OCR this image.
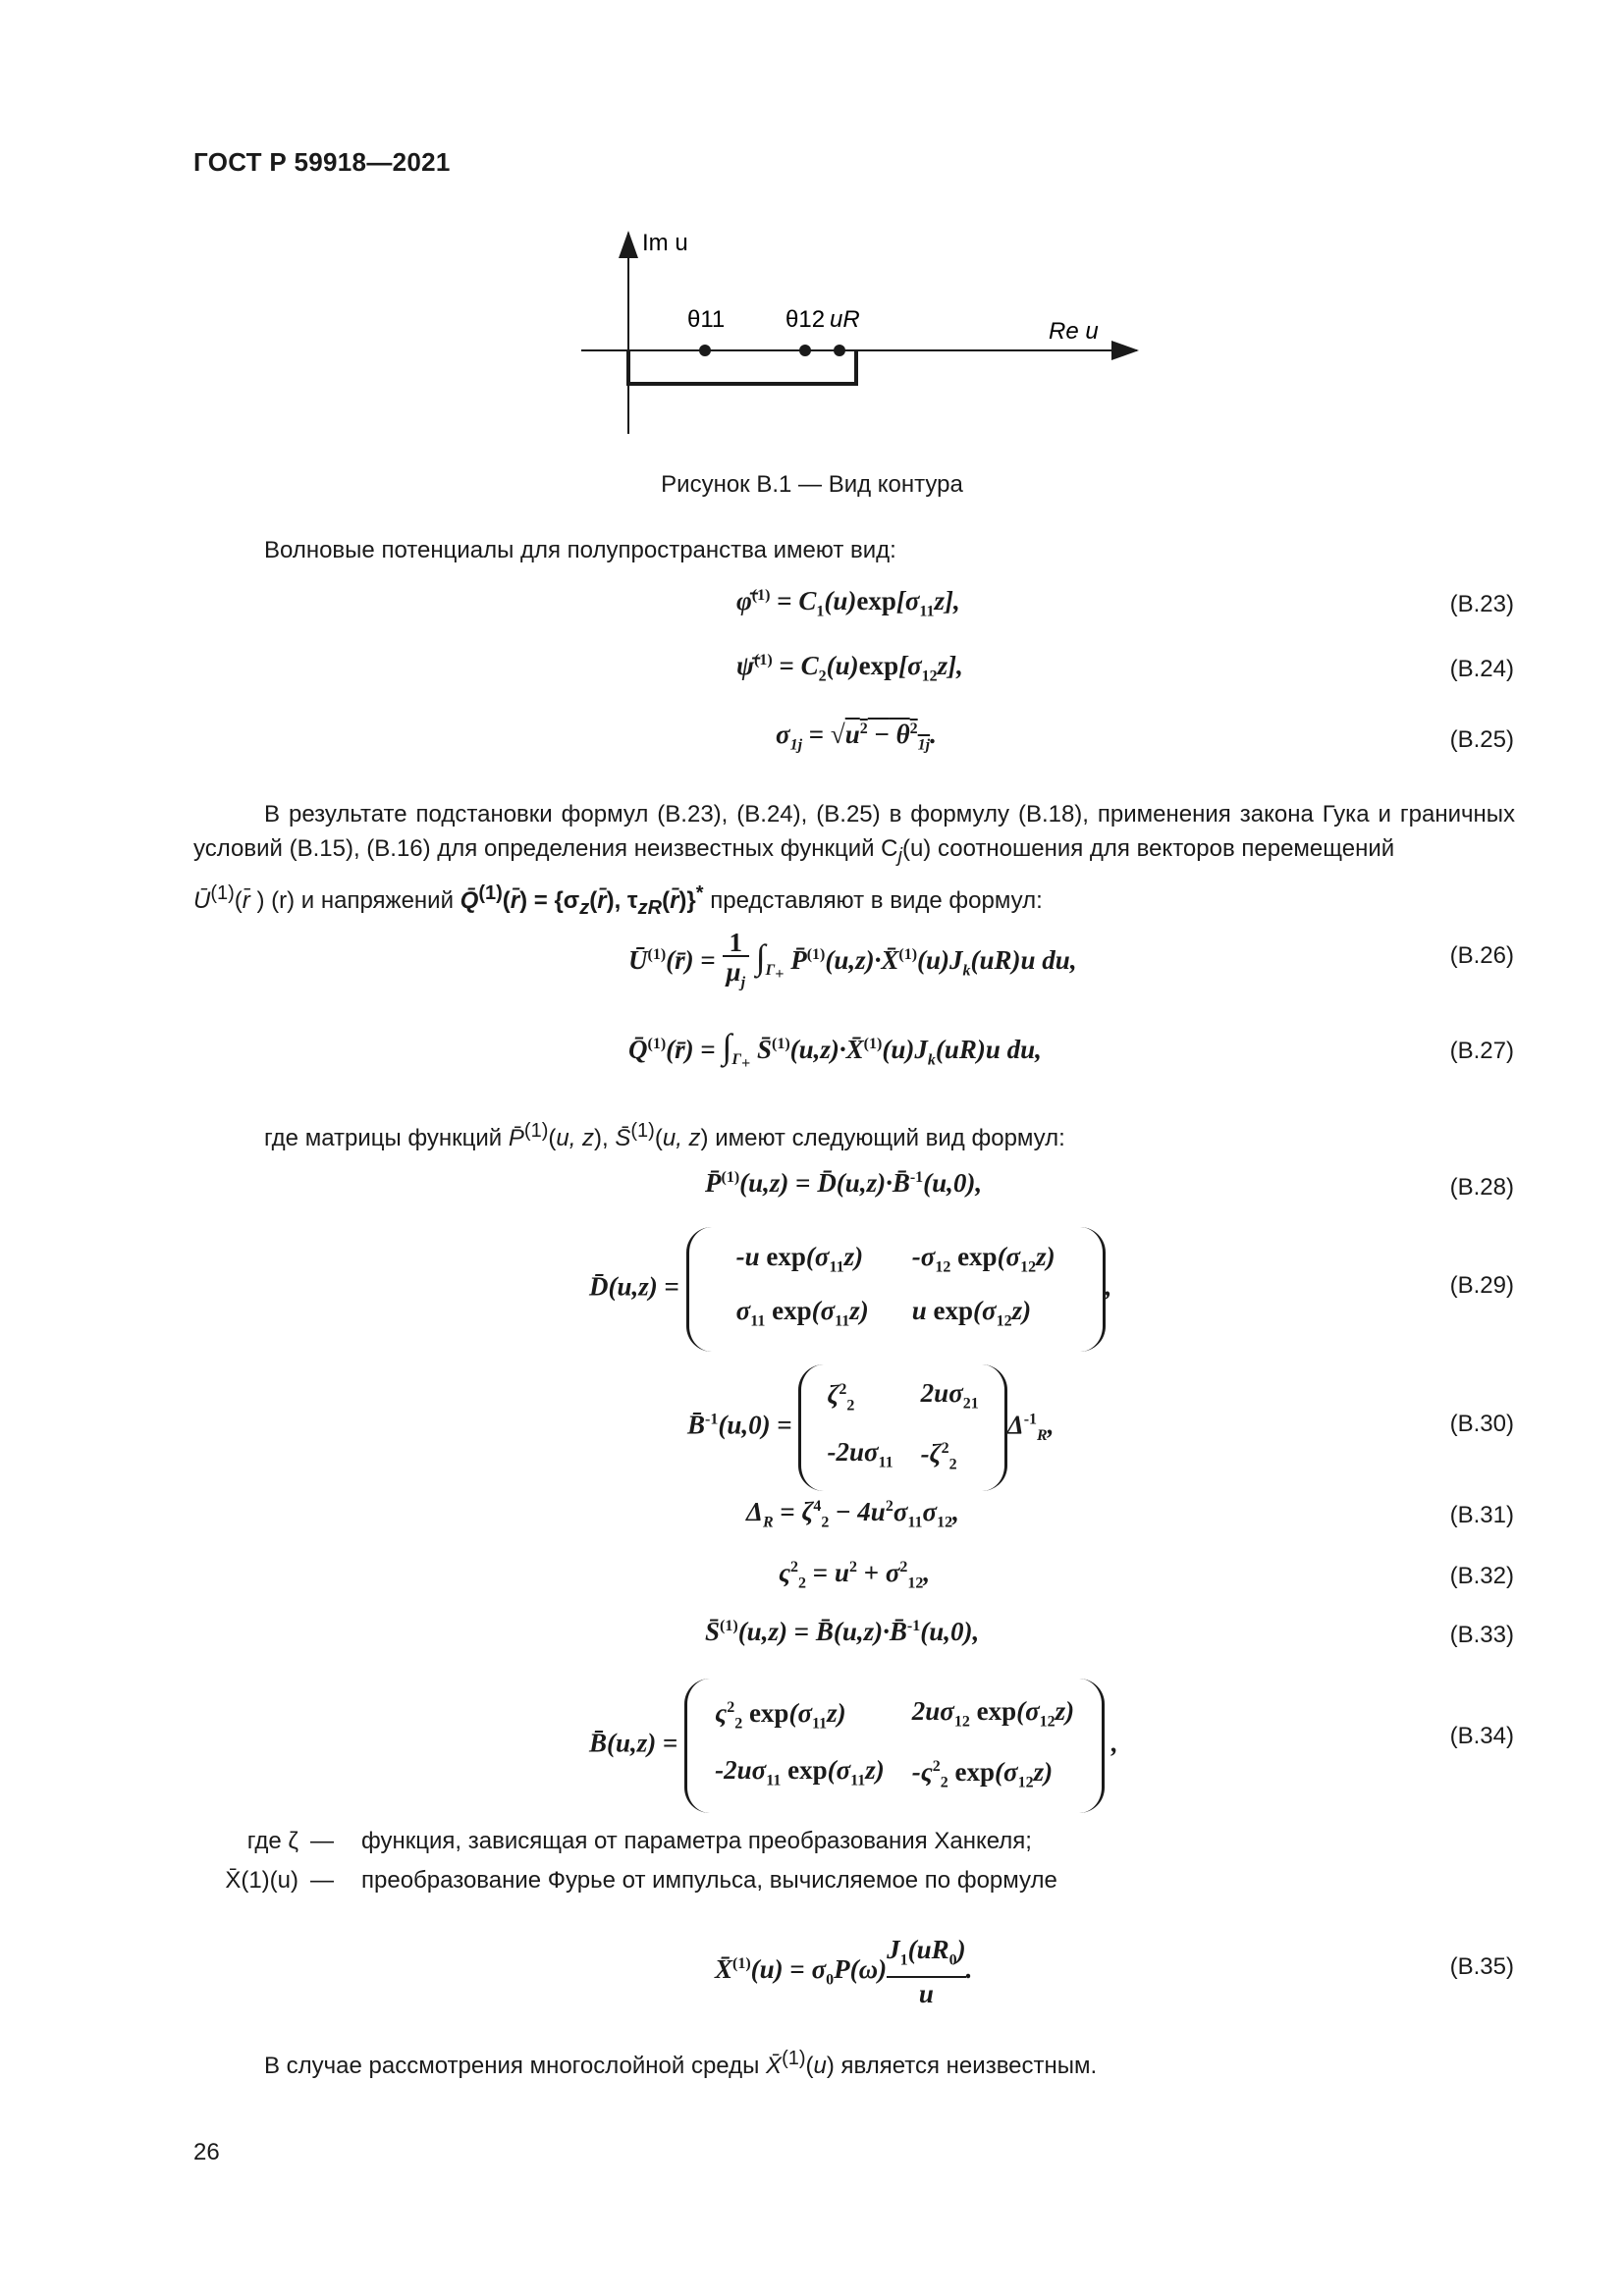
ГОСТ Р 59918—2021
Im u
Re u
θ11	θ12 uR
Рисунок В.1 — Вид контура
Волновые потенциалы для полупространства имеют вид:
φ̄$^{(1)}$ = $C_1(u)\exp[\sigma_{11}z]$,	(В.23)
ψ̄$^{(1)}$ = $C_2(u)\exp[\sigma_{12}z]$,	(В.24)
$\sigma_{1j} = √u^2 - \theta^2_{1j}$.	(В.25)
В результате подстановки формул (В.23), (В.24), (В.25) в формулу (В.18), применения закона Гука и граничных условий (В.15), (В.16) для определения неизвестных функций $C_j(u)$ соотношения для векторов перемещений
$Ū^{(1)}(r̄$ ) (r) и напряжений Q̄$^{(1)}$(r̄) = {$\sigma_z(r̄)$, $\tau_{zR}(r̄)\}^*$ представляют в виде формул:
$Ū^{(1)}(r̄) = \frac{1}{\mu_j} \int_{\Gamma_+}$ $P̄^{(1)}(u,z)\cdot X̄^{(1)}(u)J_k(uR)u$ du,	(В.26)
Q̄$^{(1)}$(r̄) = $\int_{\Gamma_+}$ $S̄^{(1)}(u,z)\cdot X̄^{(1)}(u)J_k(uR)u$ du,	(В.27)
где матрицы функций P̄$^{(1)}$(u, z), S̄$^{(1)}$(u, z) имеют следующий вид формул:
P̄$^{(1)}$(u,z) = D̄(u,z)·B̄$^{-1}$(u,0),	(В.28)
D̄(u,z) =
-u $\exp(\sigma_{11}z)$	$-\sigma_{12}$ $\exp(\sigma_{12}z)$
$\sigma_{11}$ $\exp(\sigma_{11}z)$	u $\exp(\sigma_{12}z)$
,	(В.29)
B̄$^{-1}$(u,0) =
$\zeta^2_2$	$2u\sigma_{21}$
$-2u\sigma_{11}$	$-\zeta^2_2$
$\Delta^{-1}_R$,	(В.30)
$\Delta_R = \zeta^4_2 - 4u^2\sigma_{11}\sigma_{12}$,	(В.31)
$\varsigma^2_2 = u^2 + \sigma^2_{12}$,	(В.32)
S̄$^{(1)}$(u,z) = B̄(u,z)·B̄$^{-1}$(u,0),	(В.33)
B̄(u,z) =
$\varsigma^2_2$ $\exp(\sigma_{11}z)$	$2u\sigma_{12}$ $\exp(\sigma_{12}z)$
$-2u\sigma_{11}$ $\exp(\sigma_{11}z)$	$-\varsigma^2_2$ $\exp(\sigma_{12}z)$
,	(В.34)
где ζ	—	функция, зависящая от параметра преобразования Ханкеля;
X̄(1)(u)	—	преобразование Фурье от импульса, вычисляемое по формуле
X̄$^{(1)}$(u) = $\sigma_0P(\omega)J_1(uR_0)$

u
.	(В.35)
В случае рассмотрения многослойной среды X̄$^{(1)}$(u) является неизвестным.
26
